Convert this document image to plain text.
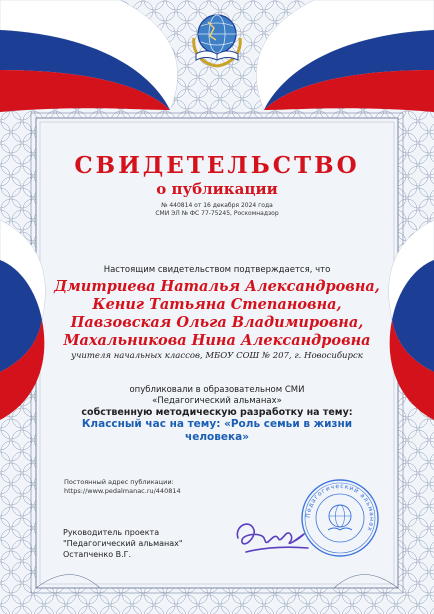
СВИДЕТЕЛЬСТВО
о публикации
№ 440814 от 16 декабря 2024 года
СМИ ЭЛ № ФС 77-75245, Роскомнадзор
Настоящим свидетельством подтверждается, что
Дмитриева Наталья Александровна,
Кениг Татьяна Степановна,
Павзовская Ольга Владимировна,
Махальникова Нина Александровна
учителя начальных классов, МБОУ СОШ № 207, г. Новосибирск
опубликовали в образовательном СМИ
«Педагогический альманах»
собственную методическую разработку на тему:
Классный час на тему: «Роль семьи в жизни человека»
Постоянный адрес публикации:
https://www.pedalmanac.ru/440814
Руководитель проекта
"Педагогический альманах"
Остапченко В.Г.
Педагогический альманах
